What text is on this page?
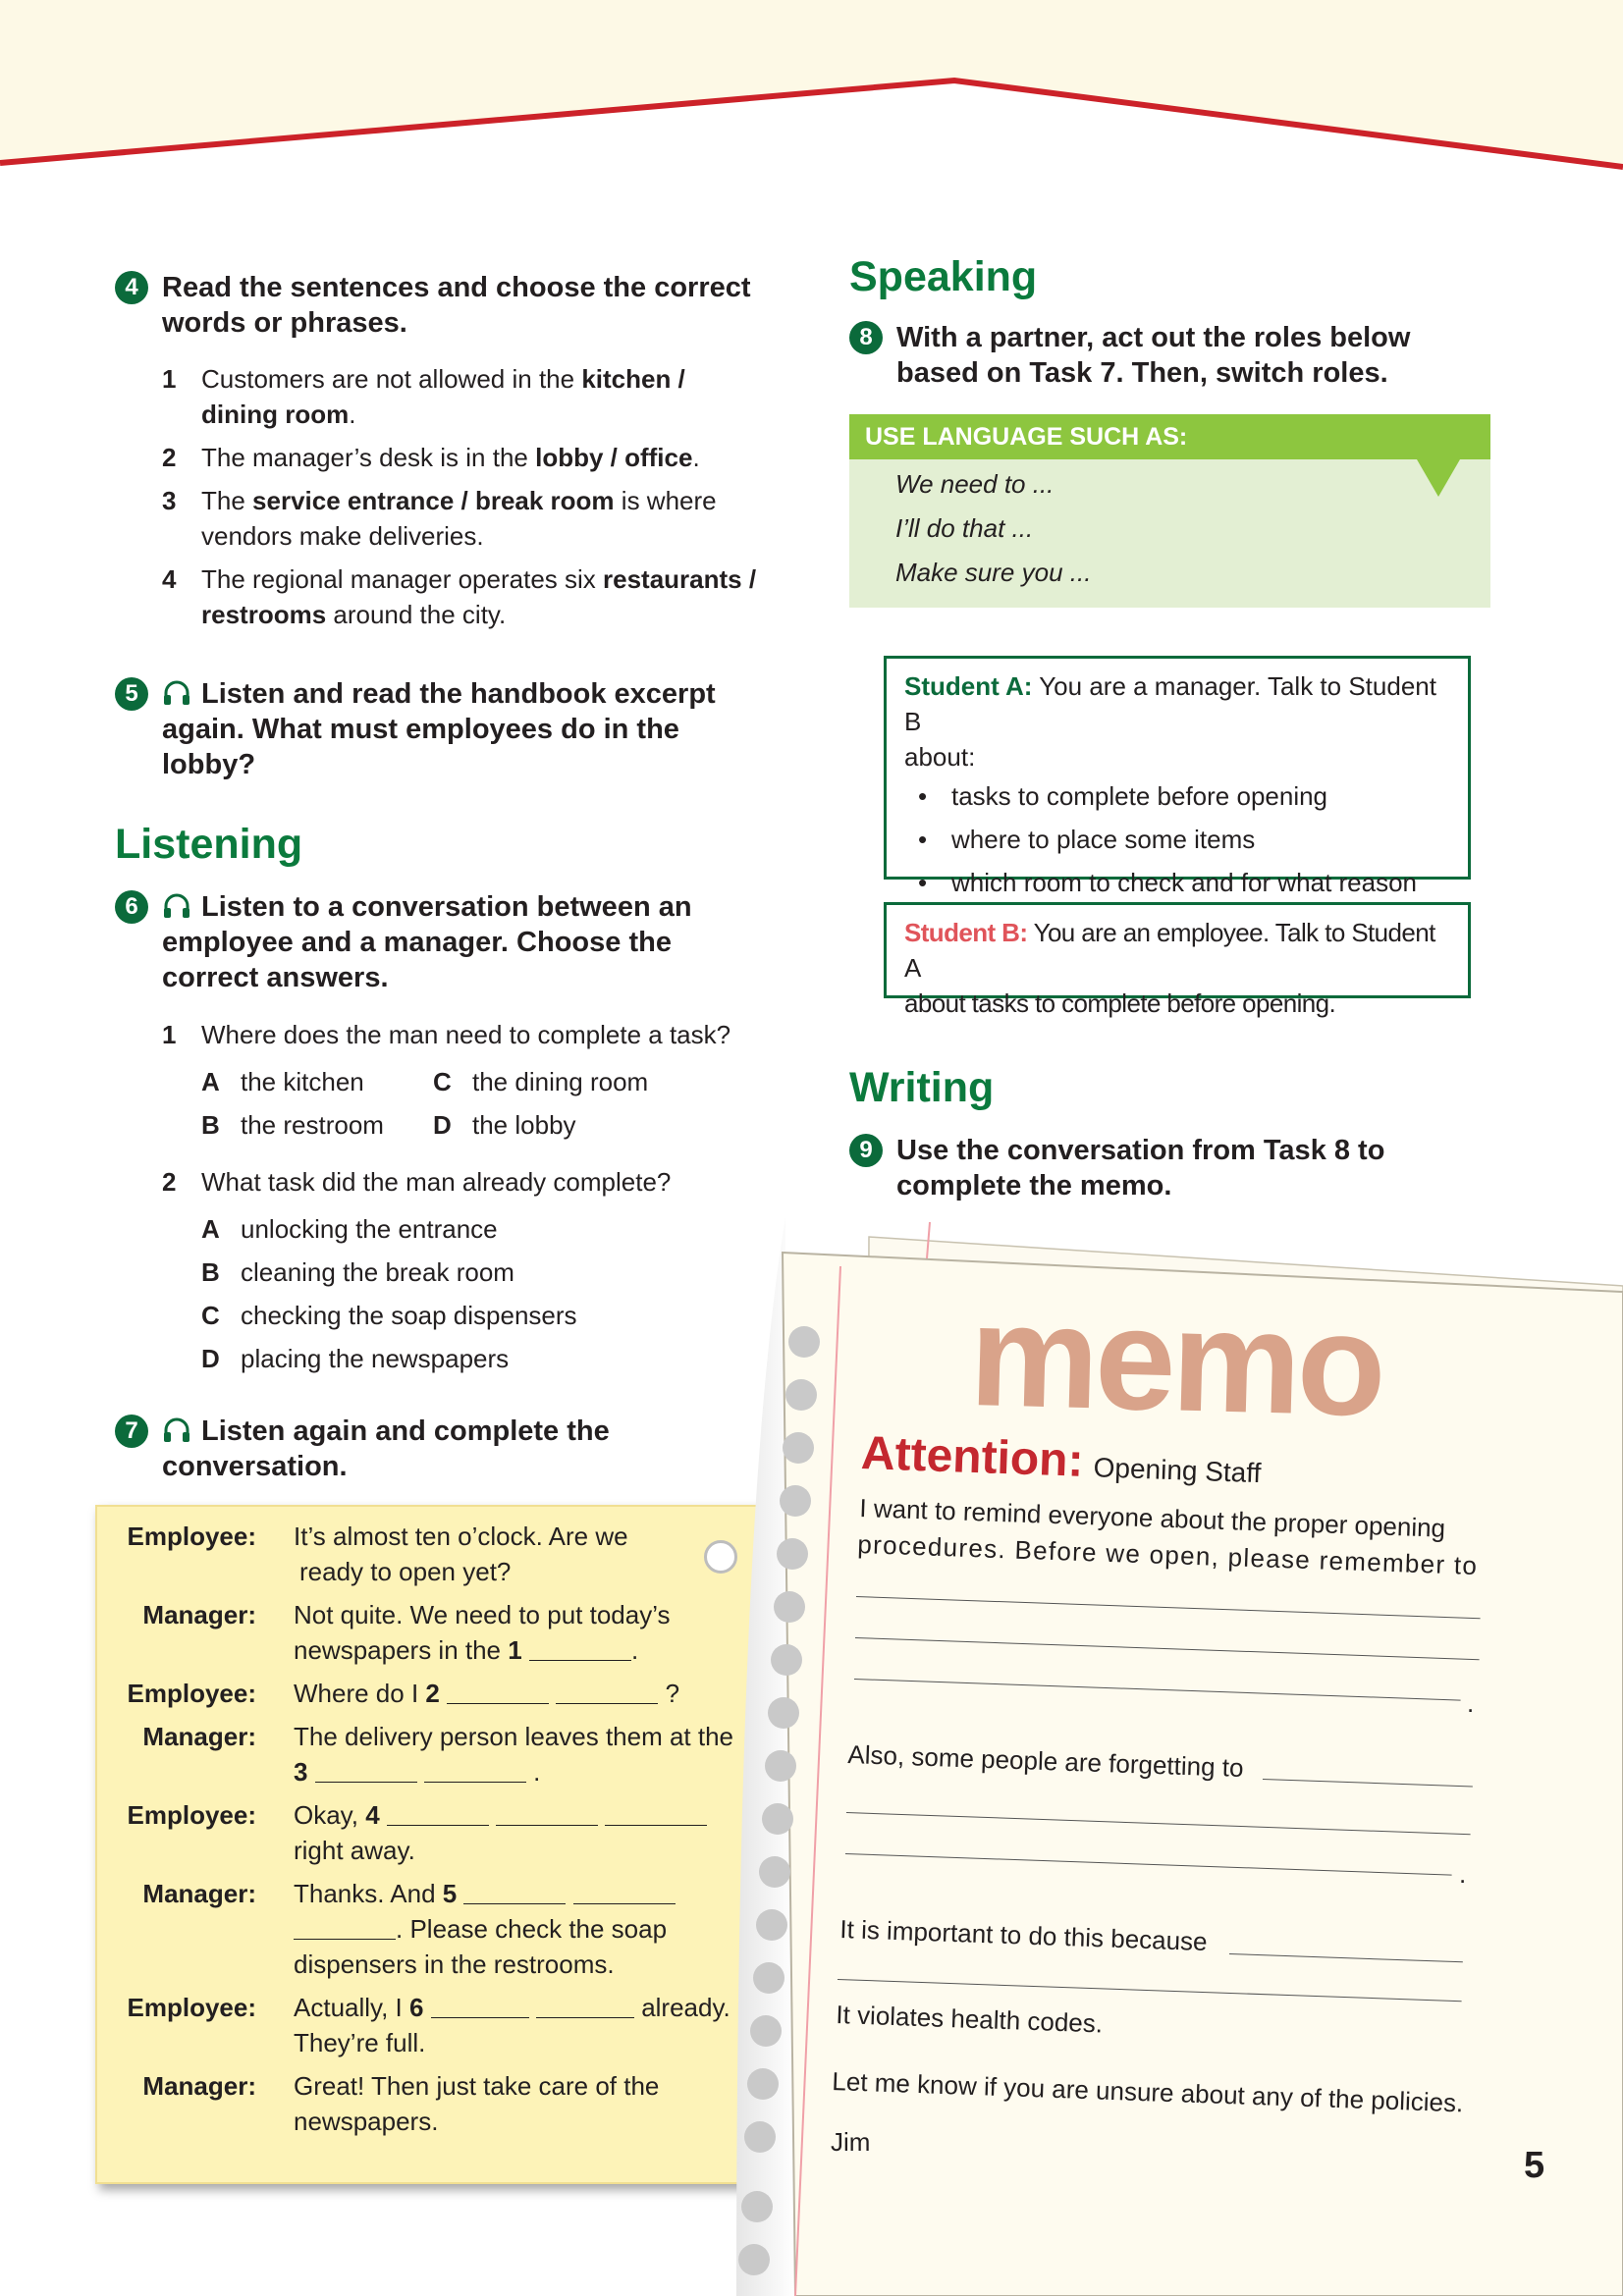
4 Read the sentences and choose the correct
words or phrases.
1 Customers are not allowed in the kitchen /
dining room.
2 The manager’s desk is in the lobby / office.
3 The service entrance / break room is where
vendors make deliveries.
4 The regional manager operates six restaurants /
restrooms around the city.
5	Listen and read the handbook excerpt
again. What must employees do in the
lobby?
Listening
6	Listen to a conversation between an
employee and a manager. Choose the
correct answers.
1 Where does the man need to complete a task?
A the kitchen	C the dining room
B the restroom	D the lobby
2 What task did the man already complete?
A unlocking the entrance
B cleaning the break room
C checking the soap dispensers
D placing the newspapers
7	Listen again and complete the
conversation.
Employee: It’s almost ten o’clock. Are we
ready to open yet?
Manager: Not quite. We need to put today’s
newspapers in the 1	.
Employee: Where do I 2	?
Manager: The delivery person leaves them at the
3	.
Employee: Okay, 4
right away.
Manager: Thanks. And 5
. Please check the soap
dispensers in the restrooms.
Employee: Actually, I 6	already.
They’re full.
Manager: Great! Then just take care of the
newspapers.
Speaking
8 With a partner, act out the roles below
based on Task 7. Then, switch roles.
USE LANGUAGE SUCH AS:
We need to ...
I’ll do that ...
Make sure you ...
Student A: You are a manager. Talk to Student B
about:
• tasks to complete before opening
• where to place some items
• which room to check and for what reason
Student B: You are an employee. Talk to Student A
about tasks to complete before opening.
Writing
9 Use the conversation from Task 8 to
complete the memo.
memo
Attention: Opening Staff
I want to remind everyone about the proper opening
procedures. Before we open, please remember to
.
Also, some people are forgetting to
.
It is important to do this because
It violates health codes.
Let me know if you are unsure about any of the policies.
Jim
5
